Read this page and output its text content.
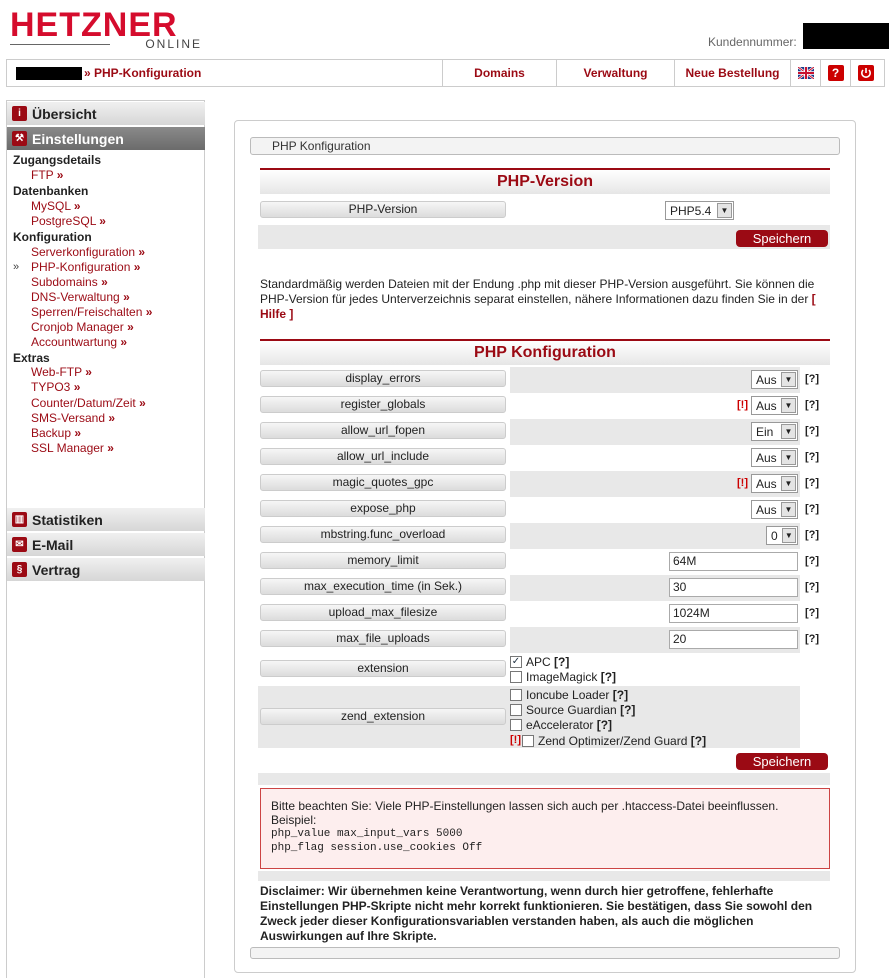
HETZNER
ONLINE	Kundennummer:
» PHP-Konfiguration	Domains	Verwaltung	Neue Bestellung	?
i Übersicht
⚒ Einstellungen
Zugangsdetails
FTP »
Datenbanken
MySQL »
PostgreSQL »
Konfiguration
Serverkonfiguration »
» PHP-Konfiguration »
Subdomains »
DNS-Verwaltung »
Sperren/Freischalten »
Cronjob Manager »
Accountwartung »
Extras
Web-FTP »
TYPO3 »
Counter/Datum/Zeit »
SMS-Versand »
Backup »
SSL Manager »
▥ Statistiken
✉ E-Mail
§ Vertrag
PHP Konfiguration
PHP-Version
PHP-Version	PHP5.4	▼
Speichern
Standardmäßig werden Dateien mit der Endung .php mit dieser PHP-Version ausgeführt. Sie können die PHP-Version für jedes Unterverzeichnis separat einstellen, nähere Informationen dazu finden Sie in der [ Hilfe ]
PHP Konfiguration
display_errors	Aus ▼	[?]
register_globals	[!] Aus ▼	[?]
allow_url_fopen	Ein	▼	[?]
allow_url_include	Aus ▼	[?]
magic_quotes_gpc	[!] Aus ▼	[?]
expose_php	Aus ▼	[?]
mbstring.func_overload	0 ▼ [?]
memory_limit	64M	[?]
max_execution_time (in Sek.)	30	[?]
upload_max_filesize	1024M	[?]
max_file_uploads	20	[?]
extension	✓ APC [?]
ImageMagick [?]
zend_extension
Ioncube Loader [?]
Source Guardian [?]
eAccelerator [?]
[!] Zend Optimizer/Zend Guard [?]
Speichern
Bitte beachten Sie: Viele PHP-Einstellungen lassen sich auch per .htaccess-Datei beeinflussen.
Beispiel:
php_value max_input_vars 5000
php_flag session.use_cookies Off
Disclaimer: Wir übernehmen keine Verantwortung, wenn durch hier getroffene, fehlerhafte Einstellungen PHP-Skripte nicht mehr korrekt funktionieren. Sie bestätigen, dass Sie sowohl den Zweck jeder dieser Konfigurationsvariablen verstanden haben, als auch die möglichen Auswirkungen auf Ihre Skripte.
